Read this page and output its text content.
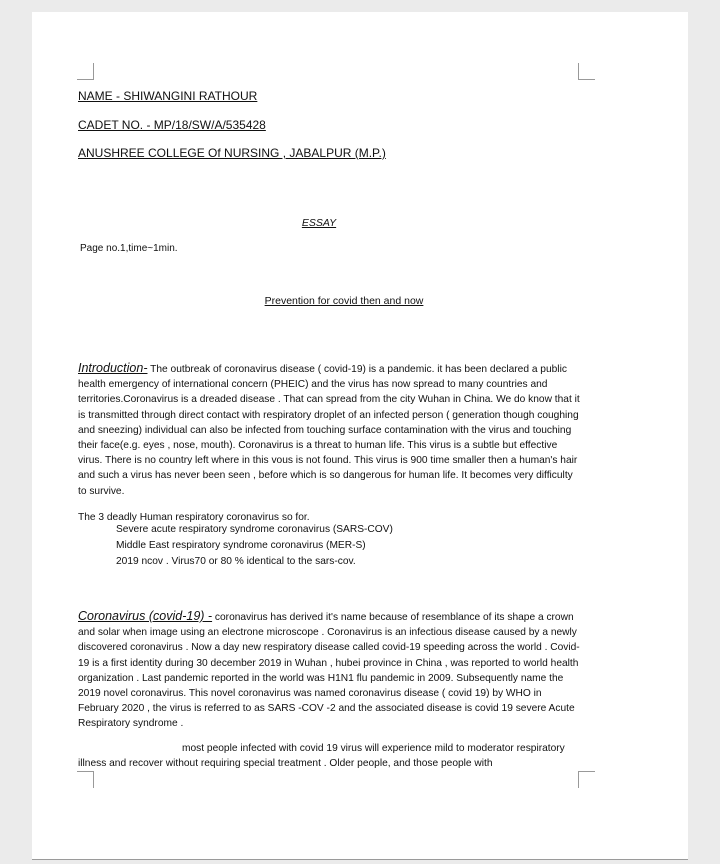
NAME - SHIWANGINI RATHOUR
CADET NO. - MP/18/SW/A/535428
ANUSHREE COLLEGE Of NURSING , JABALPUR (M.P.)
ESSAY
Page no.1,time~1min.
Prevention for covid then and now

Introduction- The outbreak of coronavirus disease ( covid-19) is a pandemic. it has been declared a public health emergency of international concern (PHEIC) and the virus has now spread to many countries and territories.Coronavirus is a dreaded disease . That can spread from the city Wuhan in China. We do know that it is transmitted through direct contact with respiratory droplet of an infected person ( generation though coughing and sneezing) individual can also be infected from touching surface contamination with the virus and touching their face(e.g. eyes , nose, mouth). Coronavirus is a threat to human life. This virus is a subtle but effective virus. There is no country left where in this vous is not found. This virus is 900 time smaller then a human's hair and such a virus has never been seen , before which is so dangerous for human life. It becomes very difficulty to survive.

The 3 deadly Human respiratory coronavirus so for.

Severe acute respiratory syndrome coronavirus (SARS-COV)
Middle East respiratory syndrome coronavirus (MER-S)
2019 ncov . Virus70 or 80 % identical to the sars-cov.

Coronavirus (covid-19) - coronavirus has derived it's name because of resemblance of its shape a crown and solar when image using an electrone microscope . Coronavirus is an infectious disease caused by a newly discovered coronavirus . Now a day new respiratory disease called covid-19 speeding across the world . Covid-19 is a first identity during 30 december 2019 in Wuhan , hubei province in China , was reported to world health organization . Last pandemic reported in the world was H1N1 flu pandemic in 2009. Subsequently name the 2019 novel coronavirus. This novel coronavirus was named coronavirus disease ( covid 19) by WHO in February 2020 , the virus is referred to as SARS -COV -2 and the associated disease is covid 19 severe Acute Respiratory syndrome .

most people infected with covid 19 virus will experience mild to moderator respiratory illness and recover without requiring special treatment . Older people, and those people with
